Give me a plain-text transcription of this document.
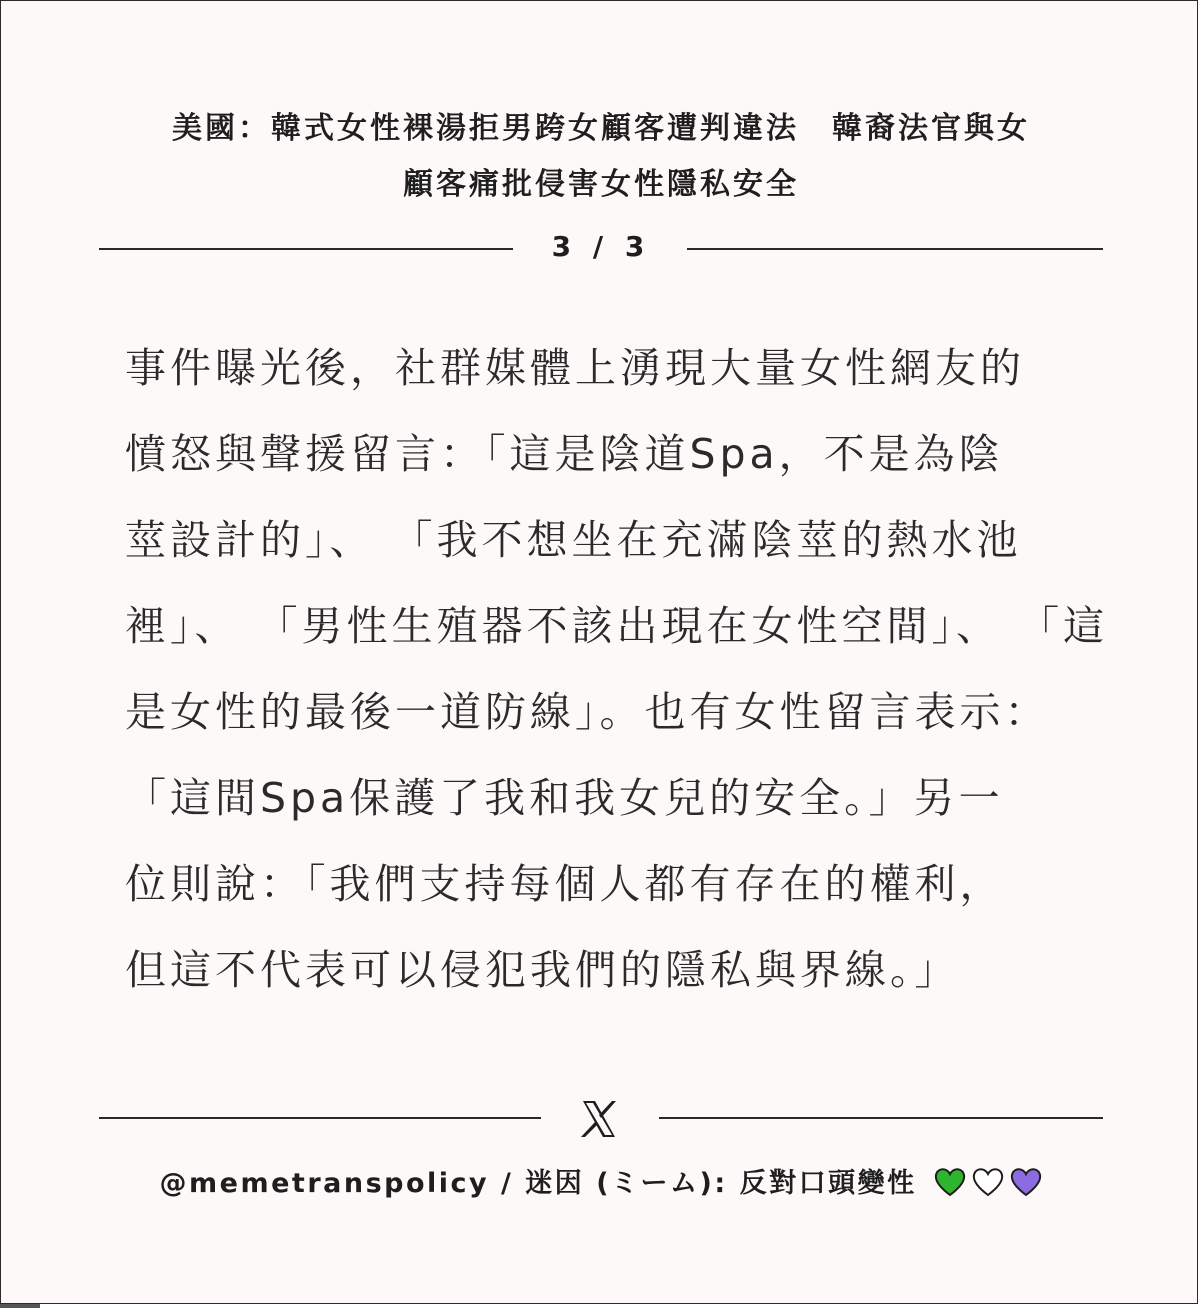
美國：韓式女性裸湯拒男跨女顧客遭判違法　韓裔法官與女
顧客痛批侵害女性隱私安全
3 / 3
事件曝光後，社群媒體上湧現大量女性網友的
憤怒與聲援留言：「這是陰道Spa，不是為陰
莖設計的」、 「我不想坐在充滿陰莖的熱水池
裡」、 「男性生殖器不該出現在女性空間」、 「這
是女性的最後一道防線」。也有女性留言表示：
「這間Spa保護了我和我女兒的安全。」另一
位則說：「我們支持每個人都有存在的權利，
但這不代表可以侵犯我們的隱私與界線。」
@memetranspolicy / 迷因 (ミーム): 反對口頭變性
